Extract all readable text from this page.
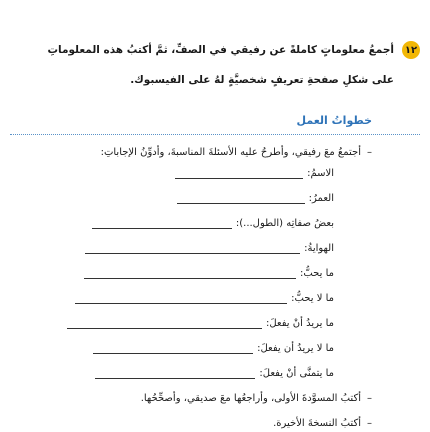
١٢
أجمعُ معلوماتٍ كاملةً عن رفيقي في الصفِّ، ثمَّ أكتبُ هذه المعلوماتِ
على شكلِ صفحةِ تعريفٍ شخصيَّةٍ لهُ على الفيسبوك.
خطواتُ العمل
–أجتمعُ معَ رفيقي، وأطرحُ عليه الأسئلةَ المناسبةَ، وأدوِّنُ الإجاباتِ:
الاسمُ:
العمرُ:
بعضُ صفاتِه (الطول...):
الهوايةُ:
ما يحبُّ:
ما لا يحبُّ:
ما يريدُ أنْ يفعلَ:
ما لا يريدُ أن يفعلَ:
ما يتمنَّى أنْ يفعلَ:
–أكتبُ المسوَّدةَ الأولى، وأراجعُها معَ صديقي، وأصحِّحُها.
–أكتبُ النسخةَ الأخيرة.
